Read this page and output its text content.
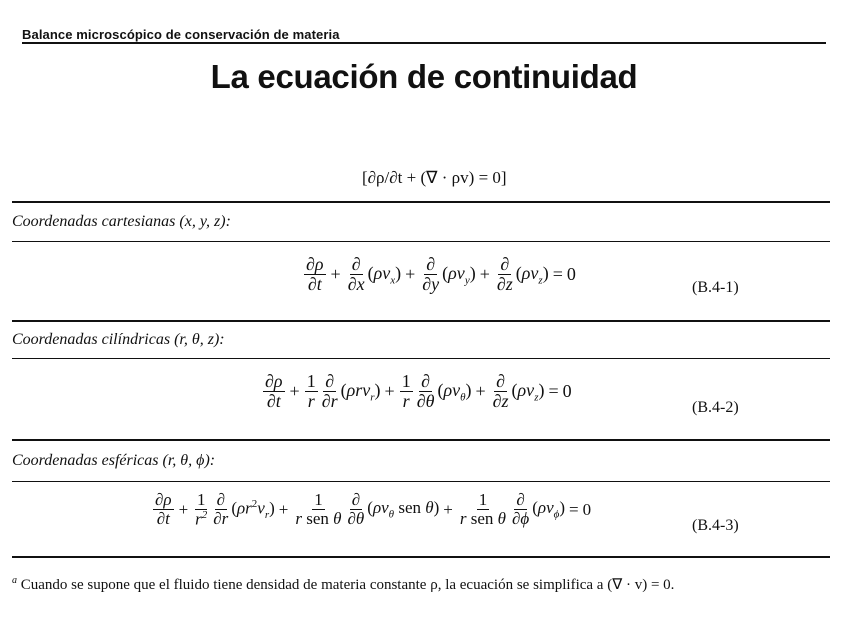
Balance microscópico de conservación de materia
La ecuación de continuidad
[∂ρ/∂t + (∇ · ρv) = 0]
Coordenadas cartesianas (x, y, z):
$\frac{\partial\rho}{\partial t} + \frac{\partial}{\partial x} (\rho v_x) + \frac{\partial}{\partial y} (\rho v_y) + \frac{\partial}{\partial z} (\rho v_z) = 0$
(B.4-1)
Coordenadas cilíndricas (r, θ, z):
$\frac{\partial\rho}{\partial t} + \frac{1}{r} \frac{\partial}{\partial r} (\rho rv_r) + \frac{1}{r} \frac{\partial}{\partial\theta} (\rho v_\theta) + \frac{\partial}{\partial z} (\rho v_z) = 0$
(B.4-2)
Coordenadas esféricas (r, θ, ϕ):
$\frac{\partial\rho}{\partial t} + \frac{1}{r^2} \frac{\partial}{\partial r} (\rho r^2v_r) + \frac{1}{\text{r sen θ}} \frac{\partial}{\partial\theta} (\rho v_\theta$ sen $\theta) + \frac{1}{\text{r sen θ}} \frac{\partial}{\partial\phi} (\rho v_\phi) = 0$
(B.4-3)
$^a$ Cuando se supone que el fluido tiene densidad de materia constante ρ, la ecuación se simplifica a (∇ · v) = 0.
